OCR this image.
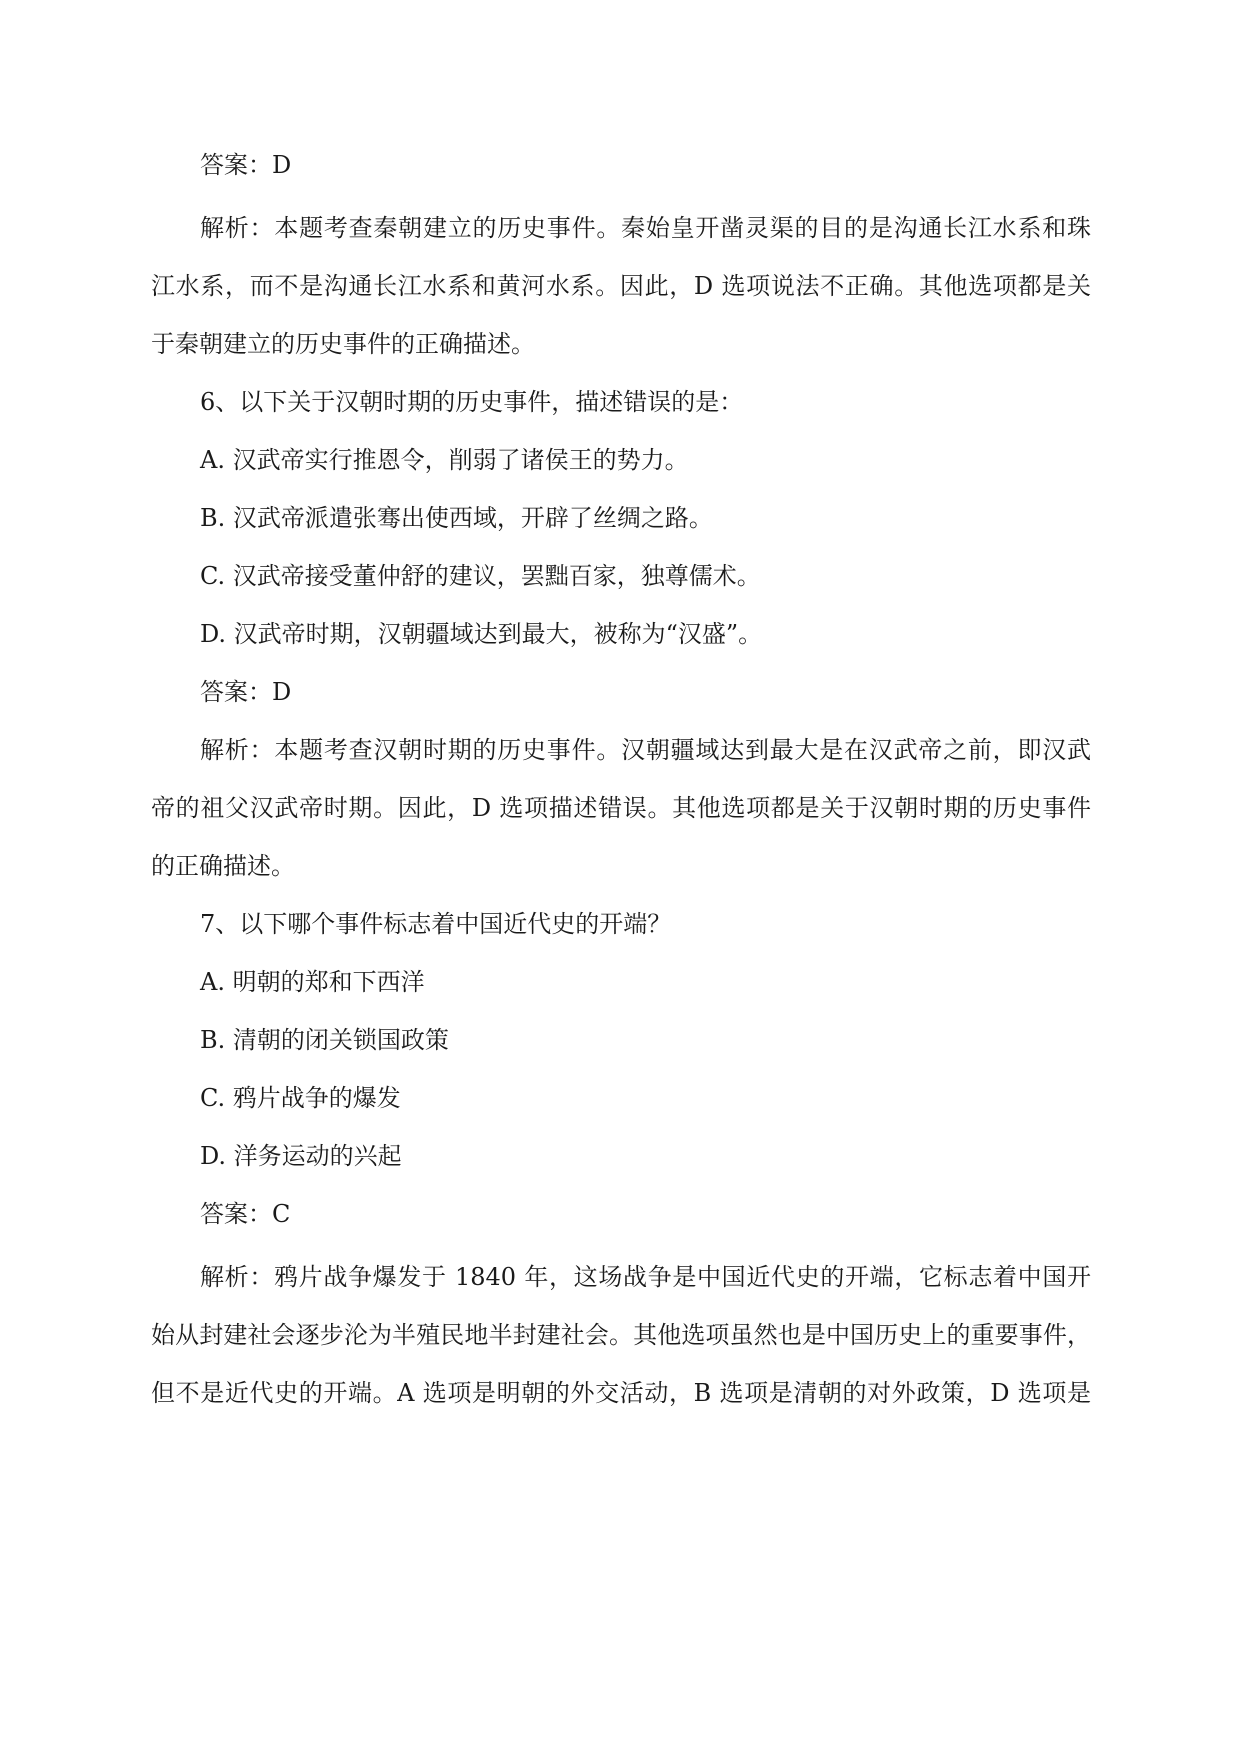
答案：D
解析：本题考查秦朝建立的历史事件。秦始皇开凿灵渠的目的是沟通长江水系和珠
江水系，而不是沟通长江水系和黄河水系。因此，D 选项说法不正确。其他选项都是关
于秦朝建立的历史事件的正确描述。
6、以下关于汉朝时期的历史事件，描述错误的是：
A. 汉武帝实行推恩令，削弱了诸侯王的势力。
B. 汉武帝派遣张骞出使西域，开辟了丝绸之路。
C. 汉武帝接受董仲舒的建议，罢黜百家，独尊儒术。
D. 汉武帝时期，汉朝疆域达到最大，被称为“汉盛”。
答案：D
解析：本题考查汉朝时期的历史事件。汉朝疆域达到最大是在汉武帝之前，即汉武
帝的祖父汉武帝时期。因此，D 选项描述错误。其他选项都是关于汉朝时期的历史事件
的正确描述。
7、以下哪个事件标志着中国近代史的开端？
A. 明朝的郑和下西洋
B. 清朝的闭关锁国政策
C. 鸦片战争的爆发
D. 洋务运动的兴起
答案：C
解析：鸦片战争爆发于 1840 年，这场战争是中国近代史的开端，它标志着中国开
始从封建社会逐步沦为半殖民地半封建社会。其他选项虽然也是中国历史上的重要事件，
但不是近代史的开端。A 选项是明朝的外交活动，B 选项是清朝的对外政策，D 选项是
